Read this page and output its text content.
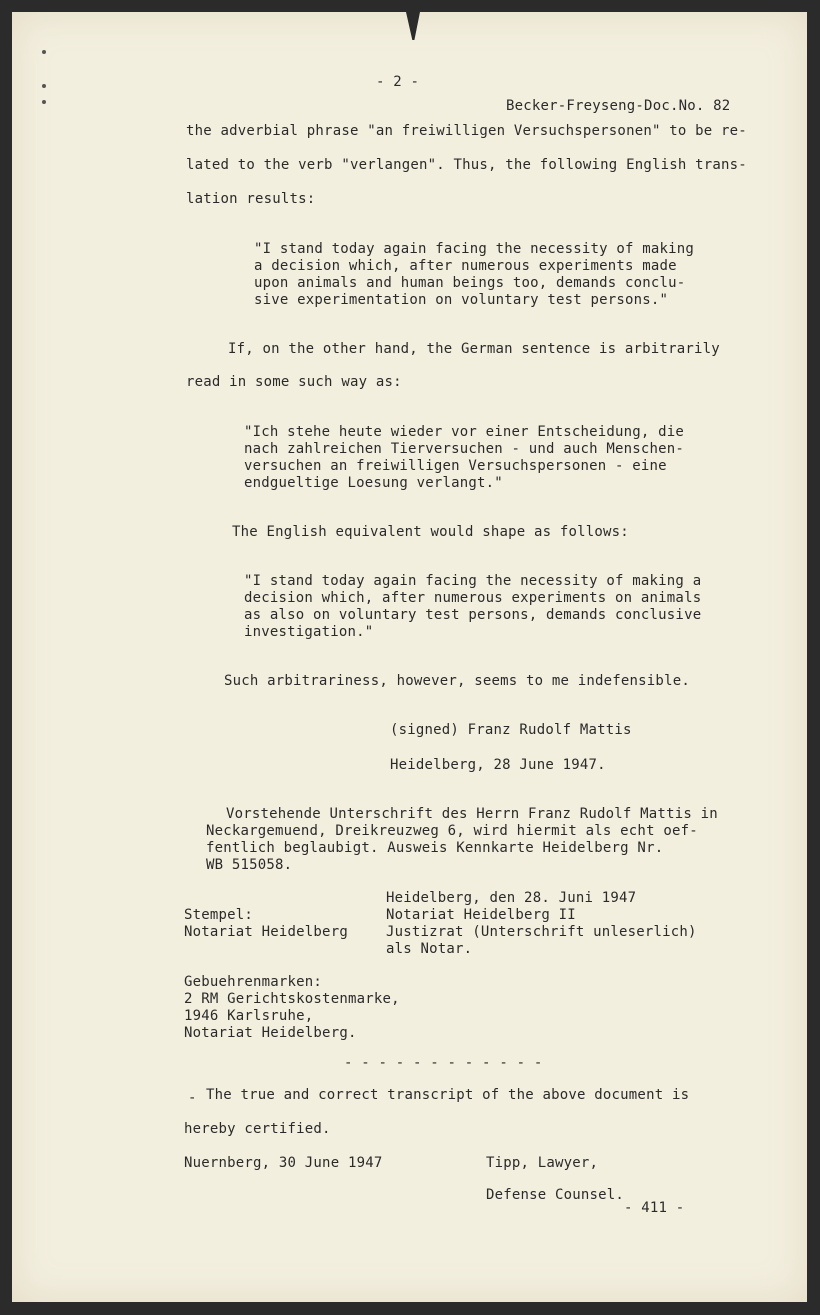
- 2 -

Becker-Freyseng-Doc.No. 82

the adverbial phrase "an freiwilligen Versuchspersonen" to be re-

lated to the verb "verlangen". Thus, the following English trans-

lation results:

"I stand today again facing the necessity of making

a decision which, after numerous experiments made

upon animals and human beings too, demands conclu-

sive experimentation on voluntary test persons."

If, on the other hand, the German sentence is arbitrarily

read in some such way as:

"Ich stehe heute wieder vor einer Entscheidung, die

nach zahlreichen Tierversuchen - und auch Menschen-

versuchen an freiwilligen Versuchspersonen - eine

endgueltige Loesung verlangt."

The English equivalent would shape as follows:

"I stand today again facing the necessity of making a

decision which, after numerous experiments on animals

as also on voluntary test persons, demands conclusive

investigation."

Such arbitrariness, however, seems to me indefensible.

(signed) Franz Rudolf Mattis

Heidelberg, 28 June 1947.

Vorstehende Unterschrift des Herrn Franz Rudolf Mattis in

Neckargemuend, Dreikreuzweg 6, wird hiermit als echt oef-

fentlich beglaubigt. Ausweis Kennkarte Heidelberg Nr.

WB 515058.

Heidelberg, den 28. Juni 1947

Stempel:	Notariat Heidelberg II

Notariat Heidelberg	Justizrat (Unterschrift unleserlich)

als Notar.

Gebuehrenmarken:

2 RM Gerichtskostenmarke,

1946 Karlsruhe,

Notariat Heidelberg.

- - - - - - - - - - - -

- The true and correct transcript of the above document is

hereby certified.

Nuernberg, 30 June 1947	Tipp, Lawyer,

Defense Counsel.

- 411 -
